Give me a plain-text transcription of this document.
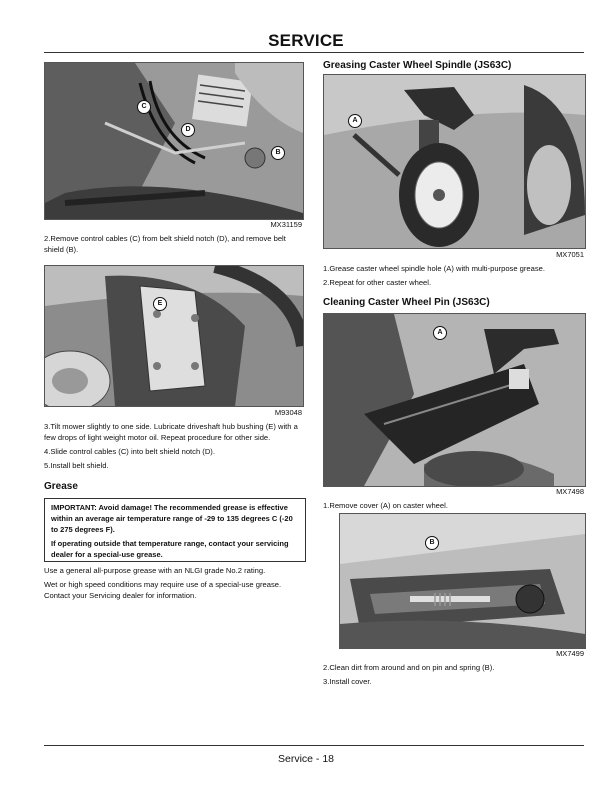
SERVICE
C
D
B
MX31159
2.Remove control cables (C) from belt shield notch (D), and remove belt shield (B).
E
M93048
3.Tilt mower slightly to one side. Lubricate driveshaft hub bushing (E) with a few drops of light weight motor oil. Repeat procedure for other side.
4.Slide control cables (C) into belt shield notch (D).
5.Install belt shield.
Grease

IMPORTANT: Avoid damage! The recommended grease is effective within an average air temperature range of -29 to 135 degrees C (-20 to 275 degrees F).

If operating outside that temperature range, contact your servicing dealer for a special-use grease.

Use a general all-purpose grease with an NLGI grade No.2 rating.
Wet or high speed conditions may require use of a special-use grease. Contact your Servicing dealer for information.
Greasing Caster Wheel Spindle (JS63C)
A
MX7051
1.Grease caster wheel spindle hole (A) with multi-purpose grease.
2.Repeat for other caster wheel.
Cleaning Caster Wheel Pin (JS63C)
A
MX7498
1.Remove cover (A) on caster wheel.
B
MX7499
2.Clean dirt from around and on pin and spring (B).
3.Install cover.
Service - 18
